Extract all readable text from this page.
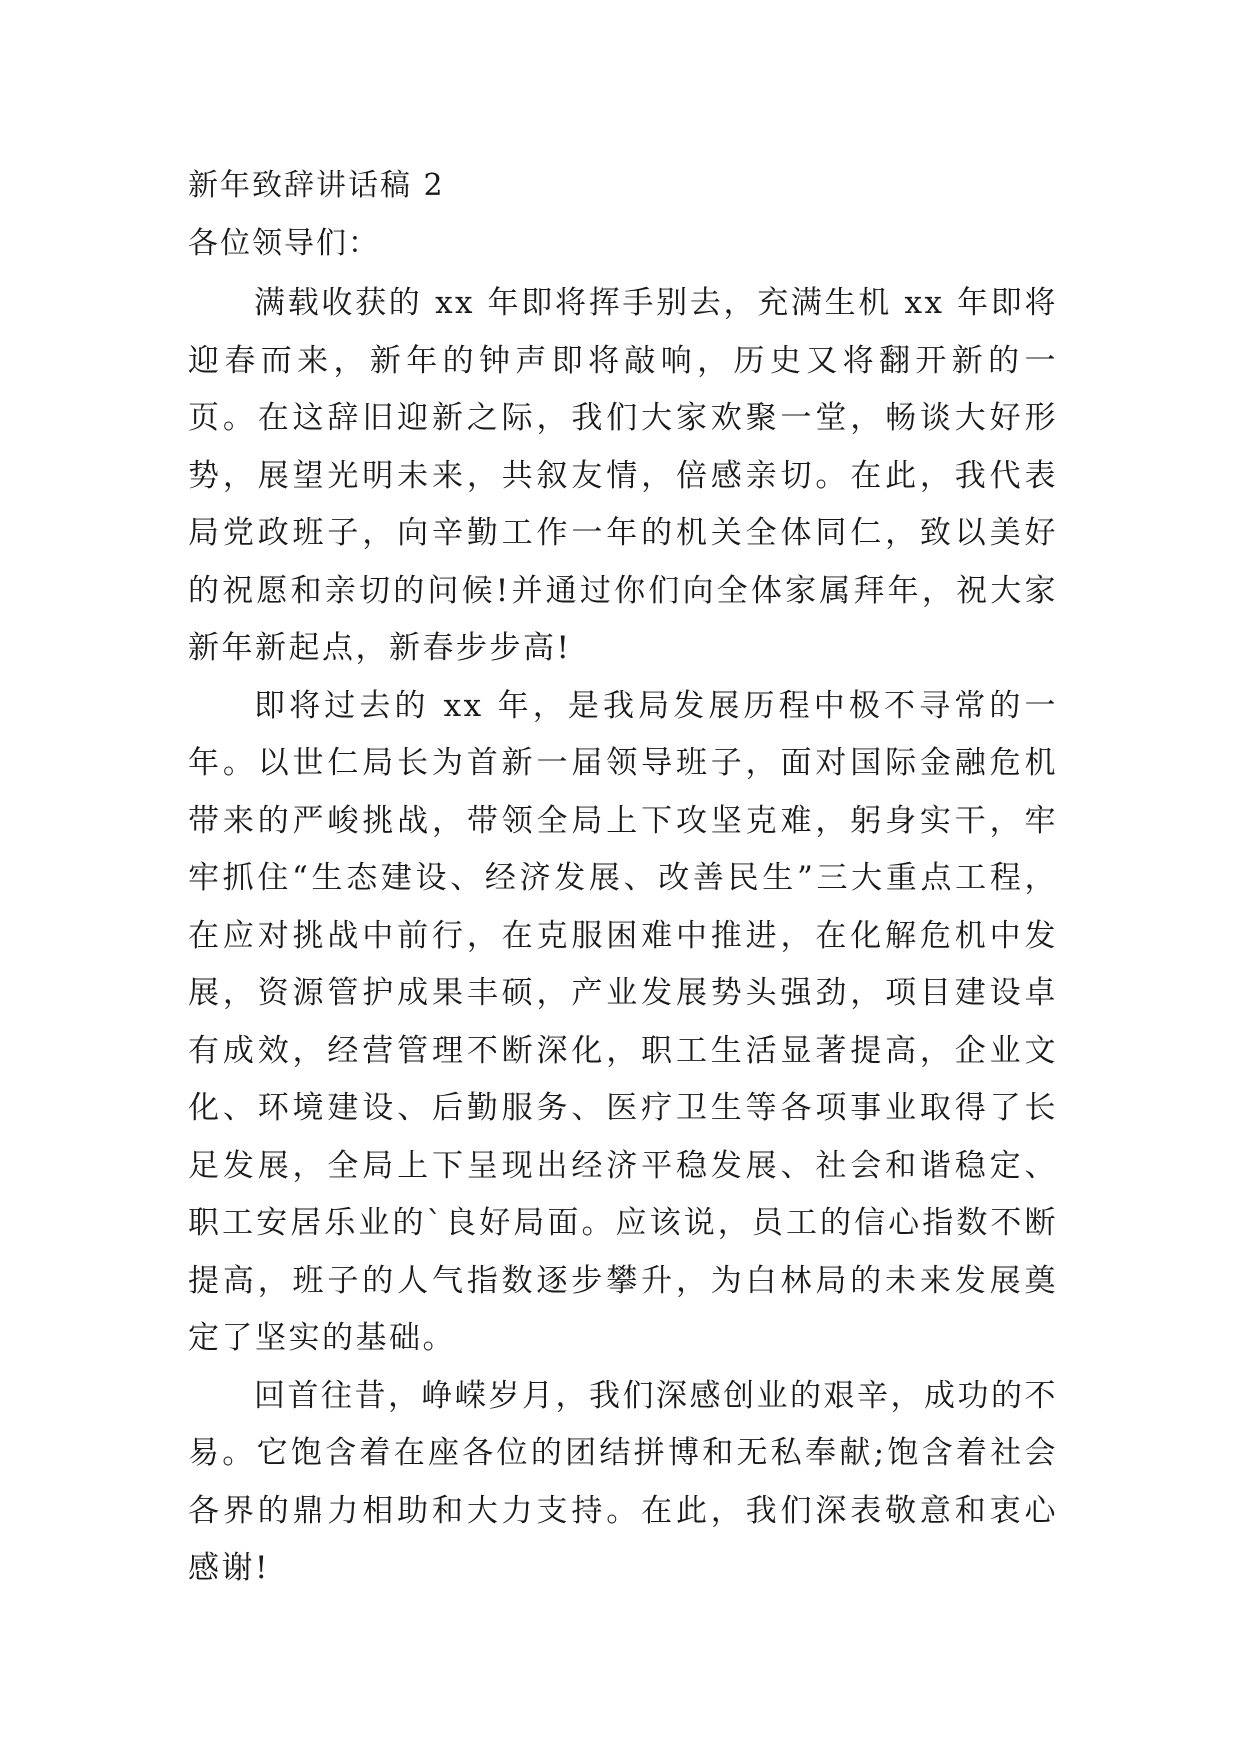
新年致辞讲话稿 2
各位领导们：

满载收获的 xx 年即将挥手别去，充满生机 xx 年即将迎春而来，新年的钟声即将敲响，历史又将翻开新的一页。在这辞旧迎新之际，我们大家欢聚一堂，畅谈大好形势，展望光明未来，共叙友情，倍感亲切。在此，我代表局党政班子，向辛勤工作一年的机关全体同仁，致以美好的祝愿和亲切的问候!并通过你们向全体家属拜年，祝大家新年新起点，新春步步高!

即将过去的 xx 年，是我局发展历程中极不寻常的一年。以世仁局长为首新一届领导班子，面对国际金融危机带来的严峻挑战，带领全局上下攻坚克难，躬身实干，牢牢抓住“生态建设、经济发展、改善民生”三大重点工程，在应对挑战中前行，在克服困难中推进，在化解危机中发展，资源管护成果丰硕，产业发展势头强劲，项目建设卓有成效，经营管理不断深化，职工生活显著提高，企业文化、环境建设、后勤服务、医疗卫生等各项事业取得了长足发展，全局上下呈现出经济平稳发展、社会和谐稳定、职工安居乐业的`良好局面。应该说，员工的信心指数不断提高，班子的人气指数逐步攀升，为白林局的未来发展奠定了坚实的基础。

回首往昔，峥嵘岁月，我们深感创业的艰辛，成功的不易。它饱含着在座各位的团结拼博和无私奉献;饱含着社会各界的鼎力相助和大力支持。在此，我们深表敬意和衷心感谢!
